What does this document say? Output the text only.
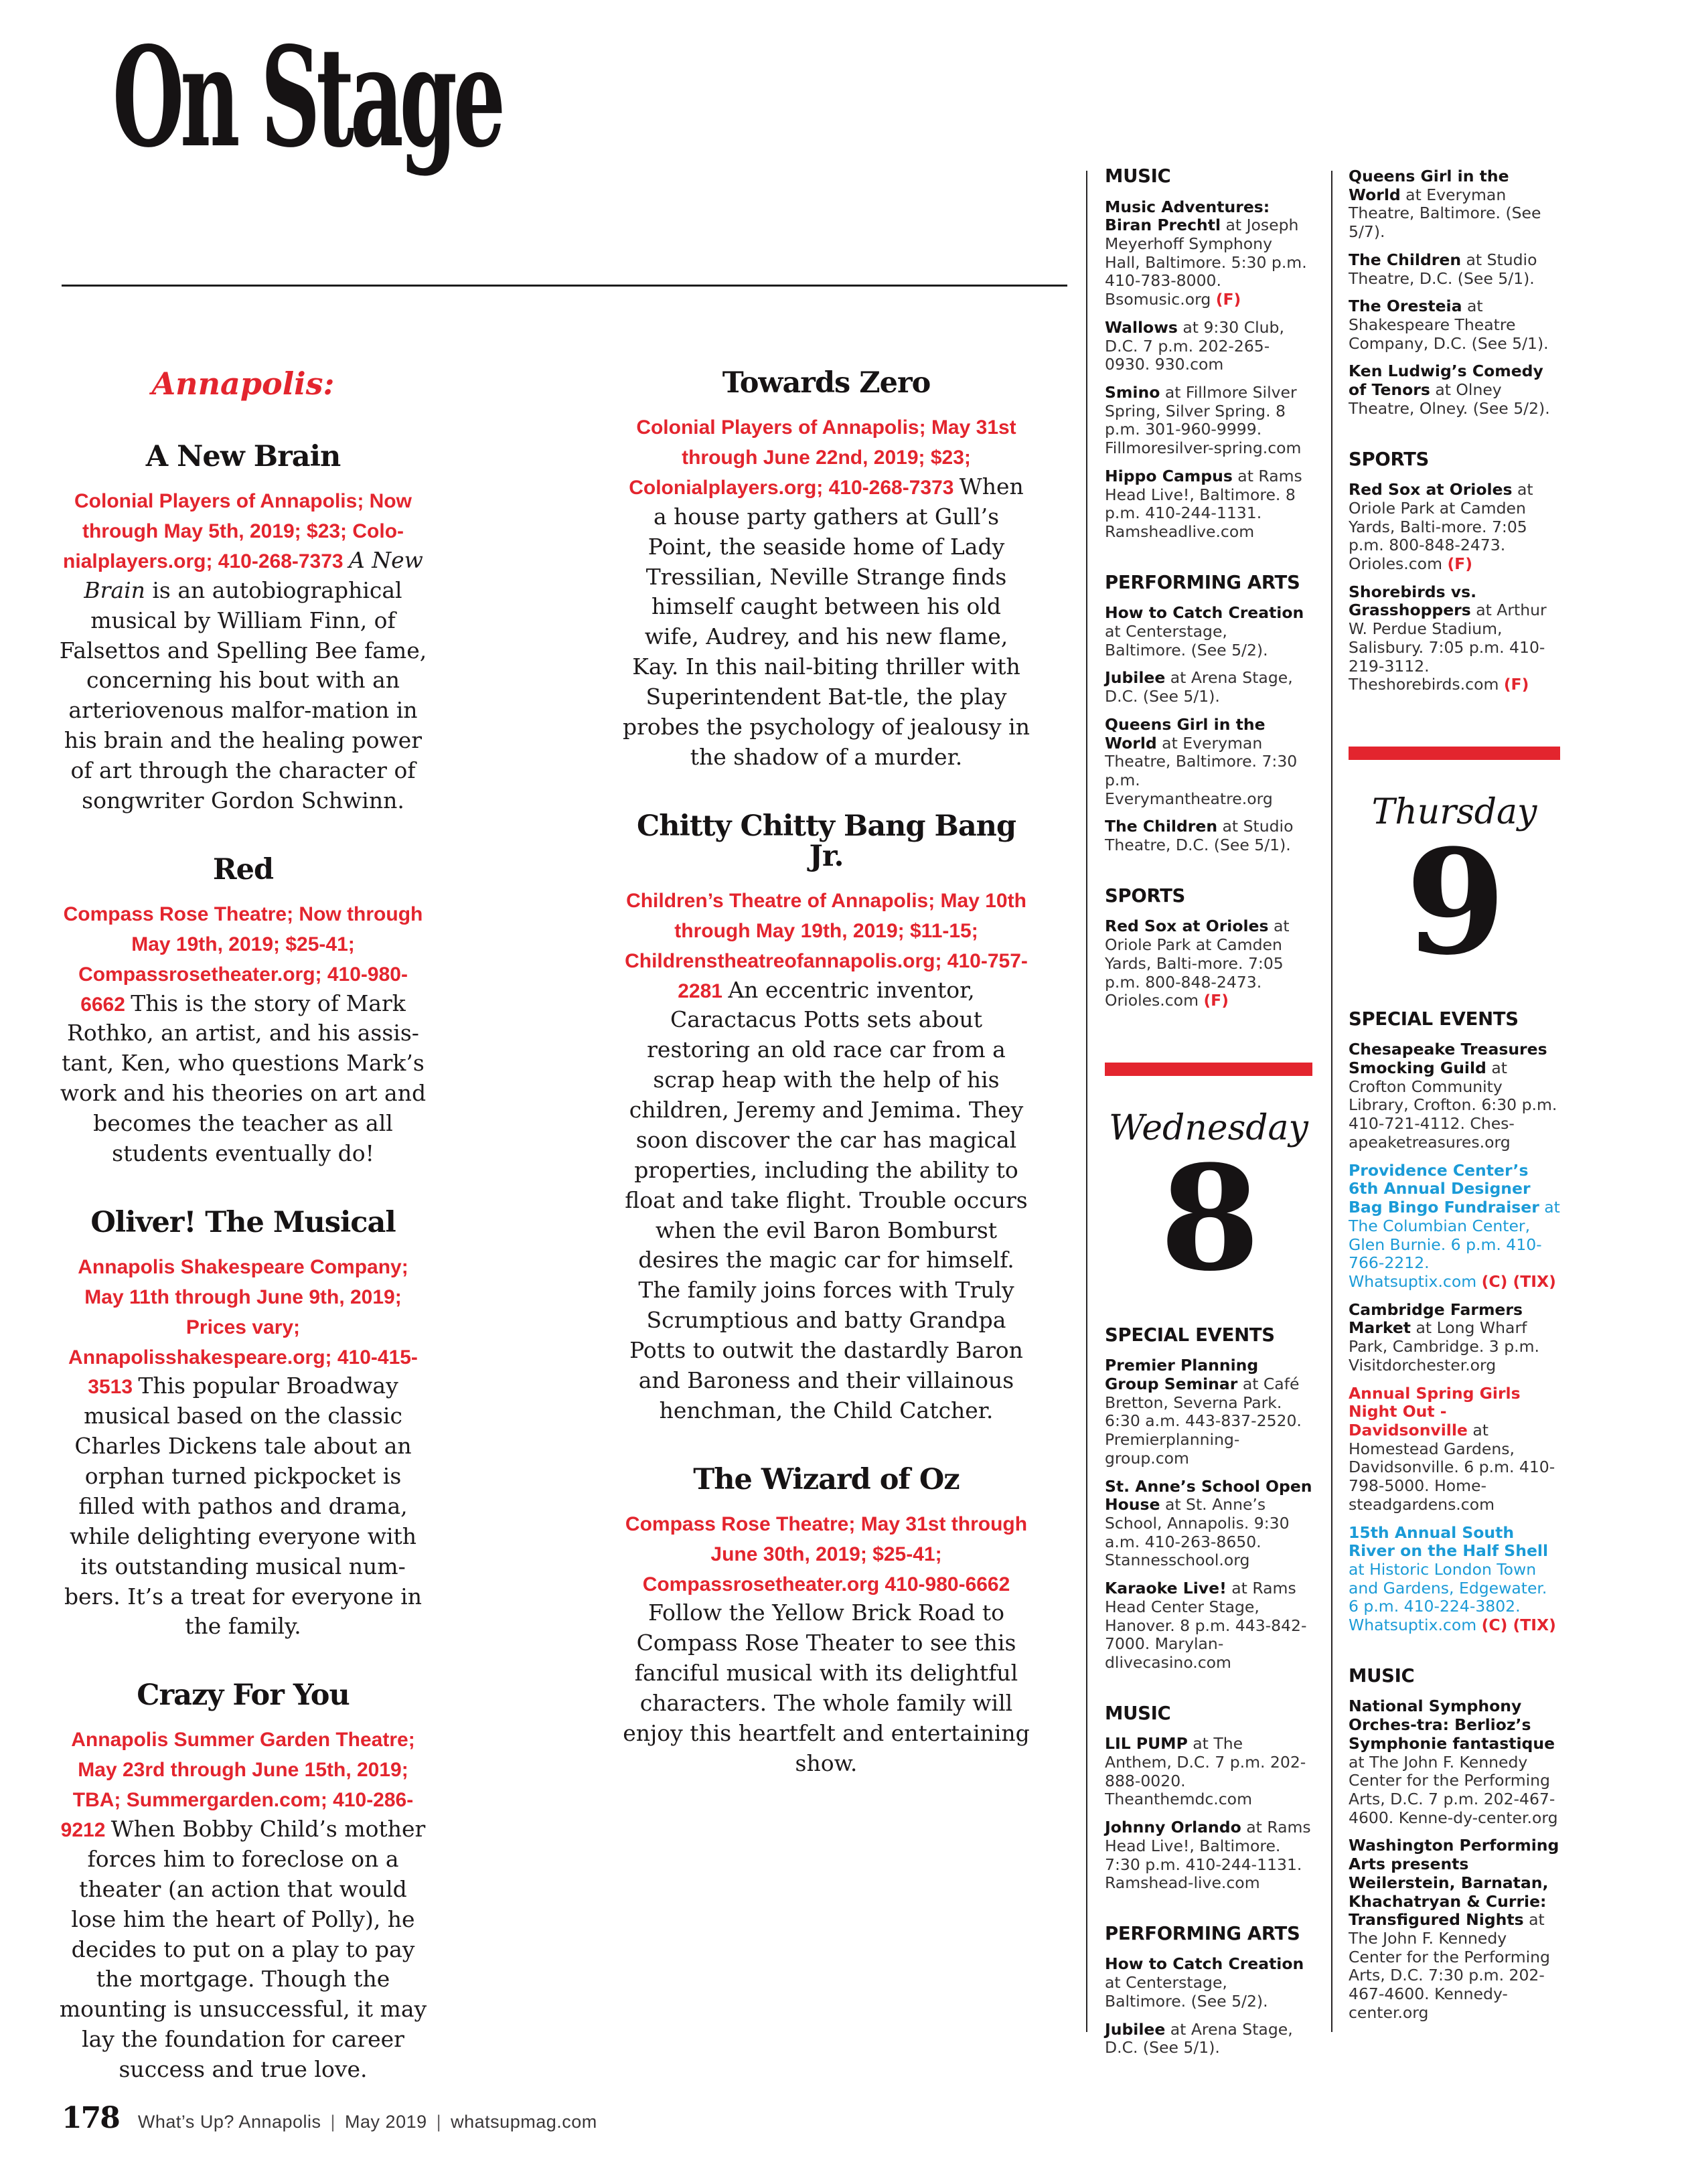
On Stage
Annapolis:
A New Brain

Colonial Players of Annapolis; Now through May 5th, 2019; $23; Colo-nialplayers.org; 410-268-7373 A New Brain is an autobiographical musical by William Finn, of Falsettos and Spelling Bee fame, concerning his bout with an arteriovenous malfor-mation in his brain and the healing power of art through the character of songwriter Gordon Schwinn.

Red

Compass Rose Theatre; Now through May 19th, 2019; $25-41; Compassrosetheater.org; 410-980-6662 This is the story of Mark Rothko, an artist, and his assis-tant, Ken, who questions Mark’s work and his theories on art and becomes the teacher as all students eventually do!

Oliver! The Musical

Annapolis Shakespeare Company; May 11th through June 9th, 2019; Prices vary; Annapolisshakespeare.org; 410-415-3513 This popular Broadway musical based on the classic Charles Dickens tale about an orphan turned pickpocket is filled with pathos and drama, while delighting everyone with its outstanding musical num-bers. It’s a treat for everyone in the family.

Crazy For You

Annapolis Summer Garden Theatre; May 23rd through June 15th, 2019; TBA; Summergarden.com; 410-286-9212 When Bobby Child’s mother forces him to foreclose on a theater (an action that would lose him the heart of Polly), he decides to put on a play to pay the mortgage. Though the mounting is unsuccessful, it may lay the foundation for career success and true love.

Towards Zero

Colonial Players of Annapolis; May 31st through June 22nd, 2019; $23; Colonialplayers.org; 410-268-7373 When a house party gathers at Gull’s Point, the seaside home of Lady Tressilian, Neville Strange finds himself caught between his old wife, Audrey, and his new flame, Kay. In this nail-biting thriller with Superintendent Bat-tle, the play probes the psychology of jealousy in the shadow of a murder.

Chitty Chitty Bang Bang Jr.

Children’s Theatre of Annapolis; May 10th through May 19th, 2019; $11-15; Childrenstheatreofannapolis.org; 410-757-2281 An eccentric inventor, Caractacus Potts sets about restoring an old race car from a scrap heap with the help of his children, Jeremy and Jemima. They soon discover the car has magical properties, including the ability to float and take flight. Trouble occurs when the evil Baron Bomburst desires the magic car for himself. The family joins forces with Truly Scrumptious and batty Grandpa Potts to outwit the dastardly Baron and Baroness and their villainous henchman, the Child Catcher.

The Wizard of Oz

Compass Rose Theatre; May 31st through June 30th, 2019; $25-41; Compassrosetheater.org 410-980-6662 Follow the Yellow Brick Road to Compass Rose Theater to see this fanciful musical with its delightful characters. The whole family will enjoy this heartfelt and entertaining show.

MUSIC

Music Adventures: Biran Prechtl at Joseph Meyerhoff Symphony Hall, Baltimore. 5:30 p.m. 410-783-8000. Bsomusic.org (F)

Wallows at 9:30 Club, D.C. 7 p.m. 202-265-0930. 930.com

Smino at Fillmore Silver Spring, Silver Spring. 8 p.m. 301-960-9999. Fillmoresilver-spring.com

Hippo Campus at Rams Head Live!, Baltimore. 8 p.m. 410-244-1131. Ramsheadlive.com

PERFORMING ARTS

How to Catch Creation at Centerstage, Baltimore. (See 5/2).

Jubilee at Arena Stage, D.C. (See 5/1).

Queens Girl in the World at Everyman Theatre, Baltimore. 7:30 p.m. Everymantheatre.org

The Children at Studio Theatre, D.C. (See 5/1).

SPORTS

Red Sox at Orioles at Oriole Park at Camden Yards, Balti-more. 7:05 p.m. 800-848-2473. Orioles.com (F)

Wednesday
8
SPECIAL EVENTS

Premier Planning Group Seminar at Café Bretton, Severna Park. 6:30 a.m. 443-837-2520. Premierplanning-group.com

St. Anne’s School Open House at St. Anne’s School, Annapolis. 9:30 a.m. 410-263-8650. Stannesschool.org

Karaoke Live! at Rams Head Center Stage, Hanover. 8 p.m. 443-842-7000. Marylan-dlivecasino.com

MUSIC

LIL PUMP at The Anthem, D.C. 7 p.m. 202-888-0020. Theanthemdc.com

Johnny Orlando at Rams Head Live!, Baltimore. 7:30 p.m. 410-244-1131. Ramshead-live.com

PERFORMING ARTS

How to Catch Creation at Centerstage, Baltimore. (See 5/2).

Jubilee at Arena Stage, D.C. (See 5/1).

Queens Girl in the World at Everyman Theatre, Baltimore. (See 5/7).

The Children at Studio Theatre, D.C. (See 5/1).

The Oresteia at Shakespeare Theatre Company, D.C. (See 5/1).

Ken Ludwig’s Comedy of Tenors at Olney Theatre, Olney. (See 5/2).

SPORTS

Red Sox at Orioles at Oriole Park at Camden Yards, Balti-more. 7:05 p.m. 800-848-2473. Orioles.com (F)

Shorebirds vs. Grasshoppers at Arthur W. Perdue Stadium, Salisbury. 7:05 p.m. 410-219-3112. Theshorebirds.com (F)

Thursday
9
SPECIAL EVENTS

Chesapeake Treasures Smocking Guild at Crofton Community Library, Crofton. 6:30 p.m. 410-721-4112. Ches-apeaketreasures.org

Providence Center’s 6th Annual Designer Bag Bingo Fundraiser at The Columbian Center, Glen Burnie. 6 p.m. 410-766-2212. Whatsuptix.com (C) (TIX)

Cambridge Farmers Market at Long Wharf Park, Cambridge. 3 p.m. Visitdorchester.org

Annual Spring Girls Night Out - Davidsonville at Homestead Gardens, Davidsonville. 6 p.m. 410-798-5000. Home-steadgardens.com

15th Annual South River on the Half Shell at Historic London Town and Gardens, Edgewater. 6 p.m. 410-224-3802. Whatsuptix.com (C) (TIX)

MUSIC

National Symphony Orches-tra: Berlioz’s Symphonie fantastique at The John F. Kennedy Center for the Performing Arts, D.C. 7 p.m. 202-467-4600. Kenne-dy-center.org

Washington Performing Arts presents Weilerstein, Barnatan, Khachatryan & Currie: Transfigured Nights at The John F. Kennedy Center for the Performing Arts, D.C. 7:30 p.m. 202-467-4600. Kennedy-center.org

178 What’s Up? Annapolis | May 2019 | whatsupmag.com
